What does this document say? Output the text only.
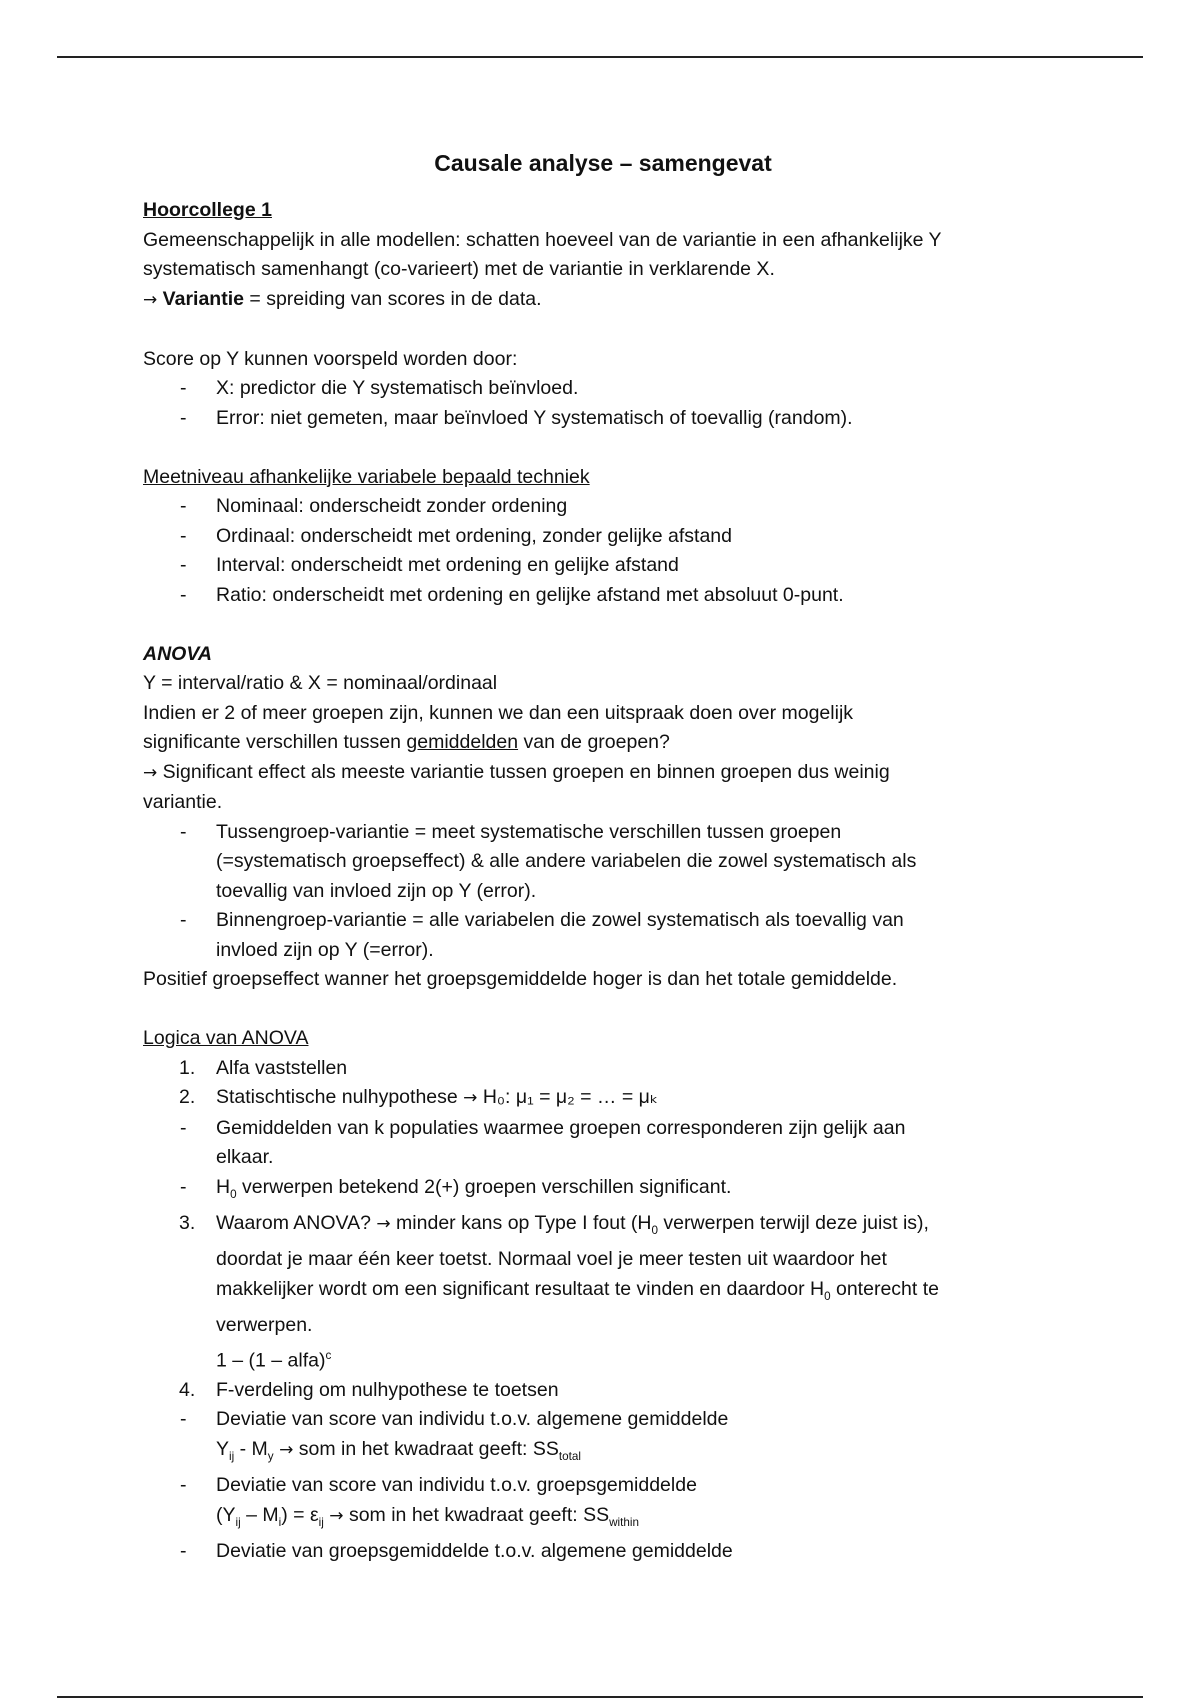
Causale analyse – samengevat
Hoorcollege 1
Gemeenschappelijk in alle modellen: schatten hoeveel van de variantie in een afhankelijke Y
systematisch samenhangt (co-varieert) met de variantie in verklarende X.
→ Variantie = spreiding van scores in de data.
Score op Y kunnen voorspeld worden door:
- X: predictor die Y systematisch beïnvloed.
- Error: niet gemeten, maar beïnvloed Y systematisch of toevallig (random).
Meetniveau afhankelijke variabele bepaald techniek
- Nominaal: onderscheidt zonder ordening
- Ordinaal: onderscheidt met ordening, zonder gelijke afstand
- Interval: onderscheidt met ordening en gelijke afstand
- Ratio: onderscheidt met ordening en gelijke afstand met absoluut 0-punt.
ANOVA
Y = interval/ratio & X = nominaal/ordinaal
Indien er 2 of meer groepen zijn, kunnen we dan een uitspraak doen over mogelijk
significante verschillen tussen gemiddelden van de groepen?
→ Significant effect als meeste variantie tussen groepen en binnen groepen dus weinig
variantie.
- Tussengroep-variantie = meet systematische verschillen tussen groepen
(=systematisch groepseffect) & alle andere variabelen die zowel systematisch als
toevallig van invloed zijn op Y (error).
- Binnengroep-variantie = alle variabelen die zowel systematisch als toevallig van
invloed zijn op Y (=error).
Positief groepseffect wanner het groepsgemiddelde hoger is dan het totale gemiddelde.
Logica van ANOVA
1. Alfa vaststellen
2. Statischtische nulhypothese → H₀: μ₁ = μ₂ = … = μₖ
- Gemiddelden van k populaties waarmee groepen corresponderen zijn gelijk aan
elkaar.
- $H_0$ verwerpen betekend 2(+) groepen verschillen significant.
3. Waarom ANOVA? → minder kans op Type I fout ($H_0$ verwerpen terwijl deze juist is),
doordat je maar één keer toetst. Normaal voel je meer testen uit waardoor het
makkelijker wordt om een significant resultaat te vinden en daardoor $H_0$ onterecht te
verwerpen.
1 – (1 – alfa)$^c$
4. F-verdeling om nulhypothese te toetsen
- Deviatie van score van individu t.o.v. algemene gemiddelde
$Y_{ij} - M_y$ → som in het kwadraat geeft: $SS_{total}$
- Deviatie van score van individu t.o.v. groepsgemiddelde
$(Y_{ij} - M_i) = \varepsilon_{ij}$ → som in het kwadraat geeft: $SS_{within}$
- Deviatie van groepsgemiddelde t.o.v. algemene gemiddelde
